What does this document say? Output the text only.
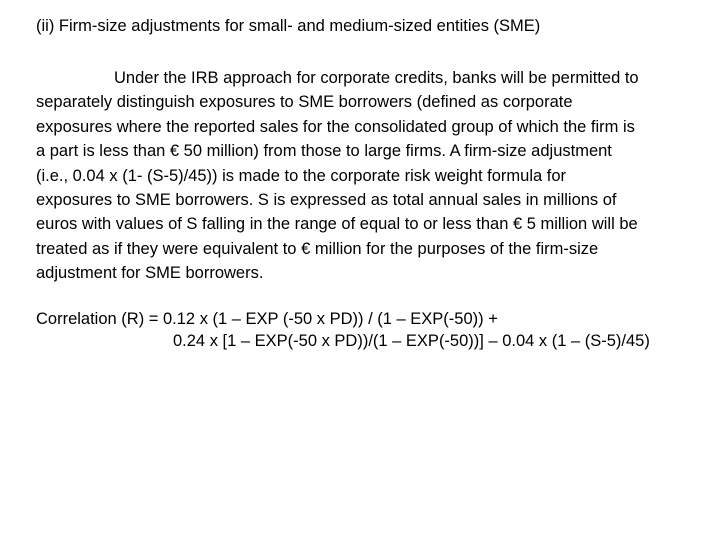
(ii) Firm-size adjustments for small- and medium-sized entities (SME)
Under the IRB approach for corporate credits, banks will be permitted to
separately distinguish exposures to SME borrowers (defined as corporate
exposures where the reported sales for the consolidated group of which the firm is
a part is less than € 50 million) from those to large firms. A firm-size adjustment
(i.e., 0.04 x (1- (S-5)/45)) is made to the corporate risk weight formula for
exposures to SME borrowers. S is expressed as total annual sales in millions of
euros with values of S falling in the range of equal to or less than € 5 million will be
treated as if they were equivalent to € million for the purposes of the firm-size
adjustment for SME borrowers.
Correlation (R) = 0.12 x (1 – EXP (-50 x PD)) / (1 – EXP(-50)) +
0.24 x [1 – EXP(-50 x PD))/(1 – EXP(-50))] – 0.04 x (1 – (S-5)/45)
